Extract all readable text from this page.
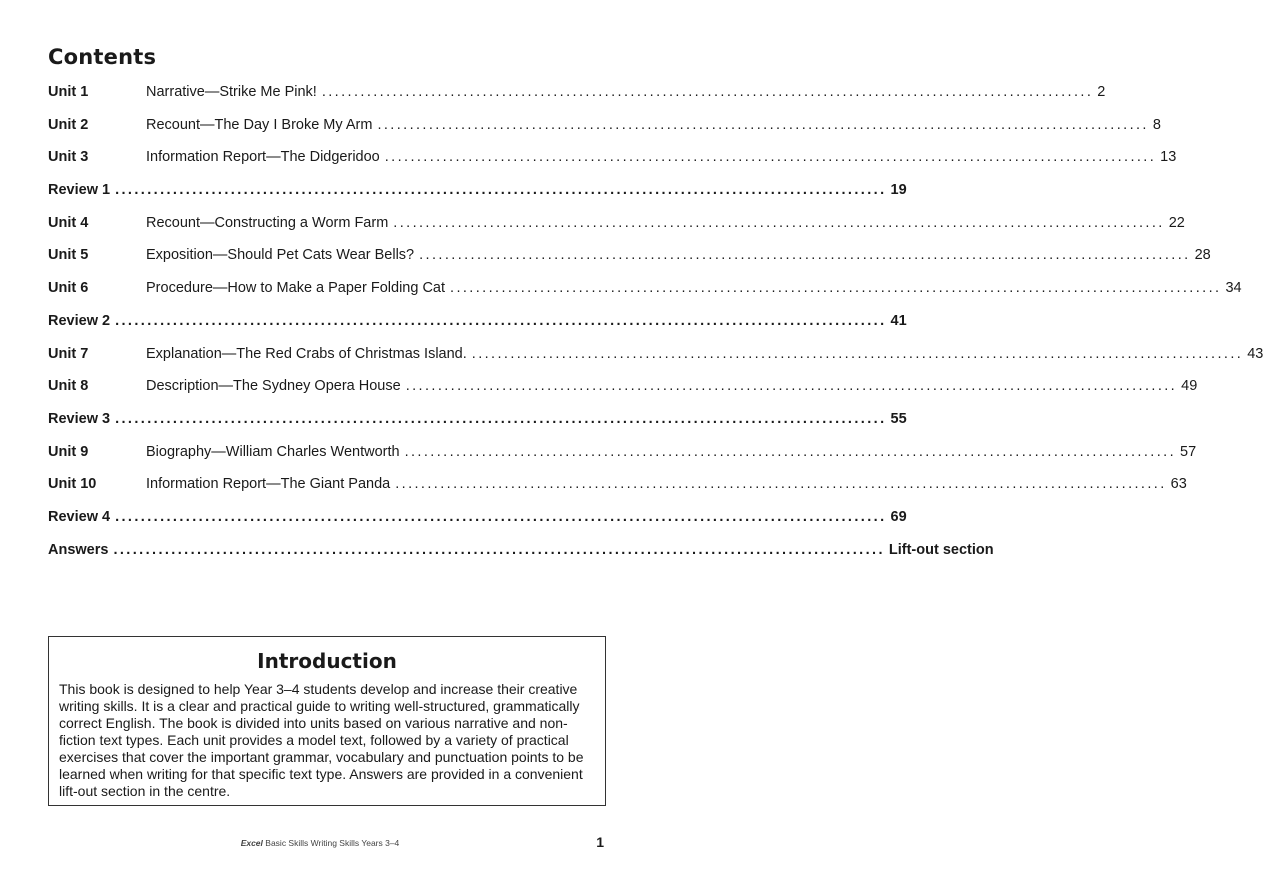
Contents
Unit 1	Narrative—Strike Me Pink! ........................................................................................................................ 2
Unit 2	Recount—The Day I Broke My Arm ........................................................................................................................ 8
Unit 3	Information Report—The Didgeridoo ........................................................................................................................ 13
Review 1 ........................................................................................................................ 19
Unit 4	Recount—Constructing a Worm Farm ........................................................................................................................ 22
Unit 5	Exposition—Should Pet Cats Wear Bells? ........................................................................................................................ 28
Unit 6	Procedure—How to Make a Paper Folding Cat ........................................................................................................................ 34
Review 2 ........................................................................................................................ 41
Unit 7	Explanation—The Red Crabs of Christmas Island. ........................................................................................................................ 43
Unit 8	Description—The Sydney Opera House ........................................................................................................................ 49
Review 3 ........................................................................................................................ 55
Unit 9	Biography—William Charles Wentworth ........................................................................................................................ 57
Unit 10	Information Report—The Giant Panda ........................................................................................................................ 63
Review 4 ........................................................................................................................ 69
Answers ........................................................................................................................ Lift-out section
Introduction

This book is designed to help Year 3–4 students develop and increase their creative writing skills. It is a clear and practical guide to writing well-structured, grammatically correct English. The book is divided into units based on various narrative and non-fiction text types. Each unit provides a model text, followed by a variety of practical exercises that cover the important grammar, vocabulary and punctuation points to be learned when writing for that specific text type. Answers are provided in a convenient lift-out section in the centre.

Excel Basic Skills Writing Skills Years 3–4	1
